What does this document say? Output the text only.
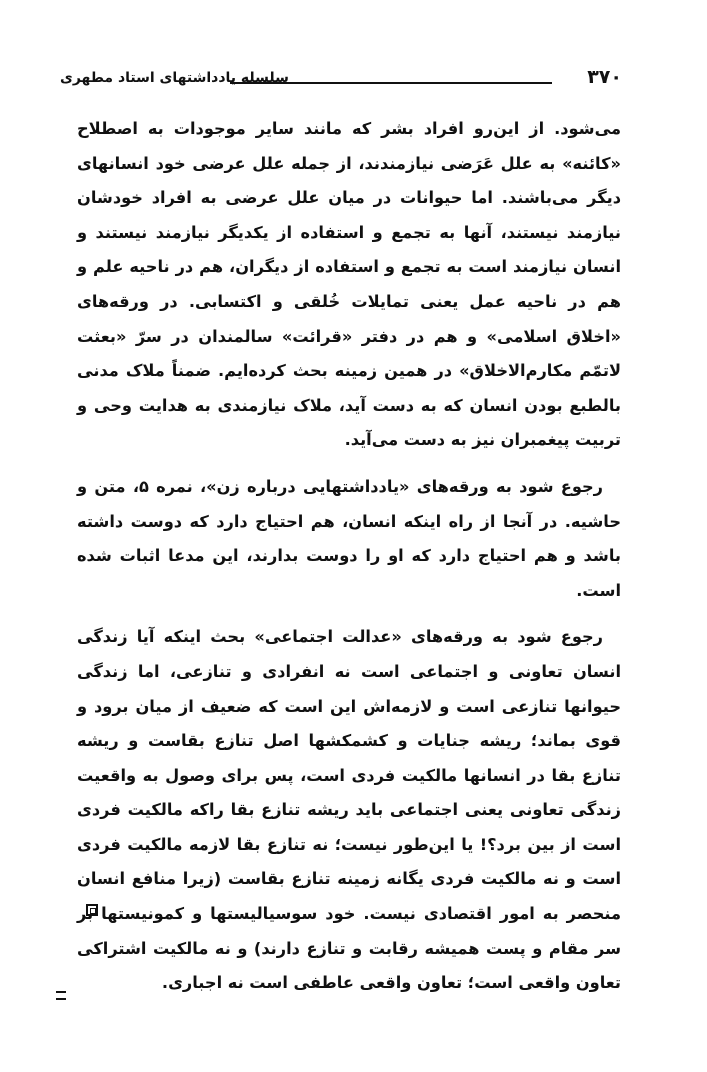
۳۷۰
سلسله یادداشتهای استاد مطهری

می‌شود. از این‌رو افراد بشر که مانند سایر موجودات به اصطلاح «کائنه» به علل عَرَضی نیازمندند، از جمله علل عرضی خود انسانهای دیگر می‌باشند. اما حیوانات در میان علل عرضی به افراد خودشان نیازمند نیستند، آنها به تجمع و استفاده از یکدیگر نیازمند نیستند و انسان نیازمند است به تجمع و استفاده از دیگران، هم در ناحیه علم و هم در ناحیه عمل یعنی تمایلات خُلقی و اکتسابی. در ورقه‌های «اخلاق اسلامی» و هم در دفتر «قرائت» سالمندان در سرّ «بعثت لاتمّم مکارم‌الاخلاق» در همین زمینه بحث کرده‌ایم. ضمناً ملاک مدنی بالطبع بودن انسان که به دست آید، ملاک نیازمندی به هدایت وحی و تربیت پیغمبران نیز به دست می‌آید.

رجوع شود به ورقه‌های «یادداشتهایی درباره زن»، نمره ۵، متن و حاشیه. در آنجا از راه اینکه انسان، هم احتیاج دارد که دوست داشته باشد و هم احتیاج دارد که او را دوست بدارند، این مدعا اثبات شده است.

رجوع شود به ورقه‌های «عدالت اجتماعی» بحث اینکه آیا زندگی انسان تعاونی و اجتماعی است نه انفرادی و تنازعی، اما زندگی حیوانها تنازعی است و لازمه‌اش این است که ضعیف از میان برود و قوی بماند؛ ریشه جنایات و کشمکشها اصل تنازع بقاست و ریشه تنازع بقا در انسانها مالکیت فردی است، پس برای وصول به واقعیت زندگی تعاونی یعنی اجتماعی باید ریشه تنازع بقا راکه مالکیت فردی است از بین برد؟! یا این‌طور نیست؛ نه تنازع بقا لازمه مالکیت فردی است و نه مالکیت فردی یگانه زمینه تنازع بقاست (زیرا منافع انسان منحصر به امور اقتصادی نیست. خود سوسیالیستها و کمونیستها بر سر مقام و پست همیشه رقابت و تنازع دارند) و نه مالکیت اشتراکی تعاون واقعی است؛ تعاون واقعی عاطفی است نه اجباری.
